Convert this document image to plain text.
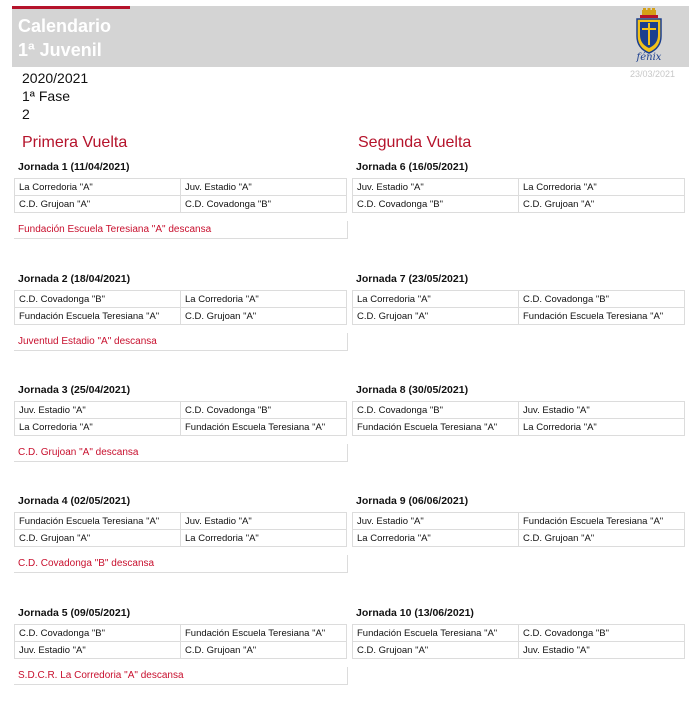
Calendario
1ª Juvenil	fénix
23/03/2021
2020/2021
1ª Fase
2
Primera Vuelta	Segunda Vuelta
Jornada 1 (11/04/2021)
La Corredoria "A"	Juv. Estadio "A"
C.D. Grujoan "A"	C.D. Covadonga "B"
Fundación Escuela Teresiana "A" descansa
Jornada 2 (18/04/2021)
C.D. Covadonga "B"	La Corredoria "A"
Fundación Escuela Teresiana "A"	C.D. Grujoan "A"
Juventud Estadio "A" descansa
Jornada 3 (25/04/2021)
Juv. Estadio "A"	C.D. Covadonga "B"
La Corredoria "A"	Fundación Escuela Teresiana "A"
C.D. Grujoan "A" descansa
Jornada 4 (02/05/2021)
Fundación Escuela Teresiana "A"	Juv. Estadio "A"
C.D. Grujoan "A"	La Corredoria "A"
C.D. Covadonga "B" descansa
Jornada 5 (09/05/2021)
C.D. Covadonga "B"	Fundación Escuela Teresiana "A"
Juv. Estadio "A"	C.D. Grujoan "A"
S.D.C.R. La Corredoria "A" descansa
Jornada 6 (16/05/2021)
Juv. Estadio "A"	La Corredoria "A"
C.D. Covadonga "B"	C.D. Grujoan "A"
Jornada 7 (23/05/2021)
La Corredoria "A"	C.D. Covadonga "B"
C.D. Grujoan "A"	Fundación Escuela Teresiana "A"
Jornada 8 (30/05/2021)
C.D. Covadonga "B"	Juv. Estadio "A"
Fundación Escuela Teresiana "A"	La Corredoria "A"
Jornada 9 (06/06/2021)
Juv. Estadio "A"	Fundación Escuela Teresiana "A"
La Corredoria "A"	C.D. Grujoan "A"
Jornada 10 (13/06/2021)
Fundación Escuela Teresiana "A"	C.D. Covadonga "B"
C.D. Grujoan "A"	Juv. Estadio "A"
